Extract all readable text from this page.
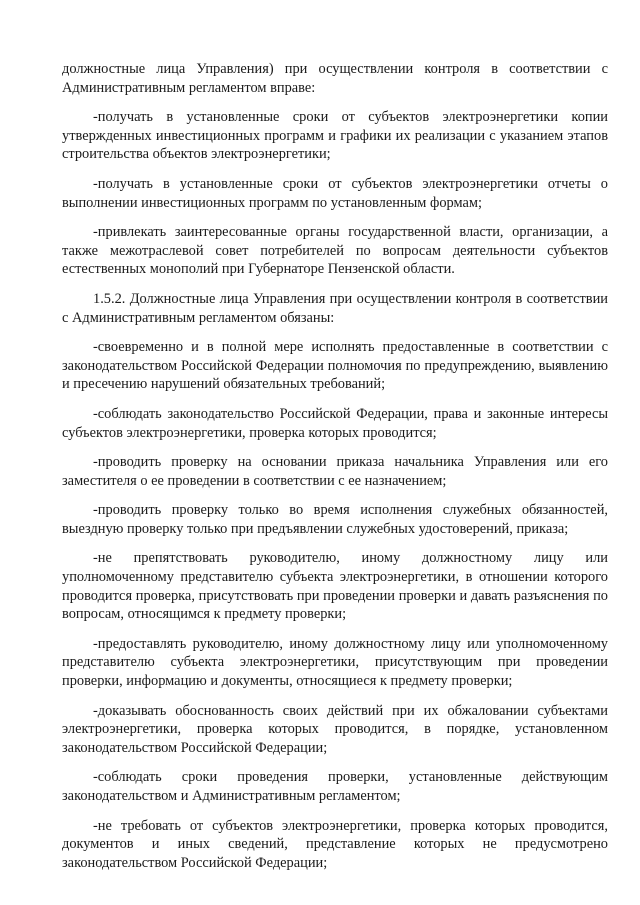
должностные лица Управления) при осуществлении контроля в соответствии с Административным регламентом вправе:

-получать в установленные сроки от субъектов электроэнергетики копии утвержденных инвестиционных программ и графики их реализации с указанием этапов строительства объектов электроэнергетики;

-получать в установленные сроки от субъектов электроэнергетики отчеты о выполнении инвестиционных программ по установленным формам;

-привлекать заинтересованные органы государственной власти, организации, а также межотраслевой совет потребителей по вопросам деятельности субъектов естественных монополий при Губернаторе Пензенской области.

1.5.2. Должностные лица Управления при осуществлении контроля в соответствии с Административным регламентом обязаны:

-своевременно и в полной мере исполнять предоставленные в соответствии с законодательством Российской Федерации полномочия по предупреждению, выявлению и пресечению нарушений обязательных требований;

-соблюдать законодательство Российской Федерации, права и законные интересы субъектов электроэнергетики, проверка которых проводится;

-проводить проверку на основании приказа начальника Управления или его заместителя о ее проведении в соответствии с ее назначением;

-проводить проверку только во время исполнения служебных обязанностей, выездную проверку только при предъявлении служебных удостоверений, приказа;

-не препятствовать руководителю, иному должностному лицу или уполномоченному представителю субъекта электроэнергетики, в отношении которого проводится проверка, присутствовать при проведении проверки и давать разъяснения по вопросам, относящимся к предмету проверки;

-предоставлять руководителю, иному должностному лицу или уполномоченному представителю субъекта электроэнергетики, присутствующим при проведении проверки, информацию и документы, относящиеся к предмету проверки;

-доказывать обоснованность своих действий при их обжаловании субъектами электроэнергетики, проверка которых проводится, в порядке, установленном законодательством Российской Федерации;

-соблюдать сроки проведения проверки, установленные действующим законодательством и Административным регламентом;

-не требовать от субъектов электроэнергетики, проверка которых проводится, документов и иных сведений, представление которых не предусмотрено законодательством Российской Федерации;
